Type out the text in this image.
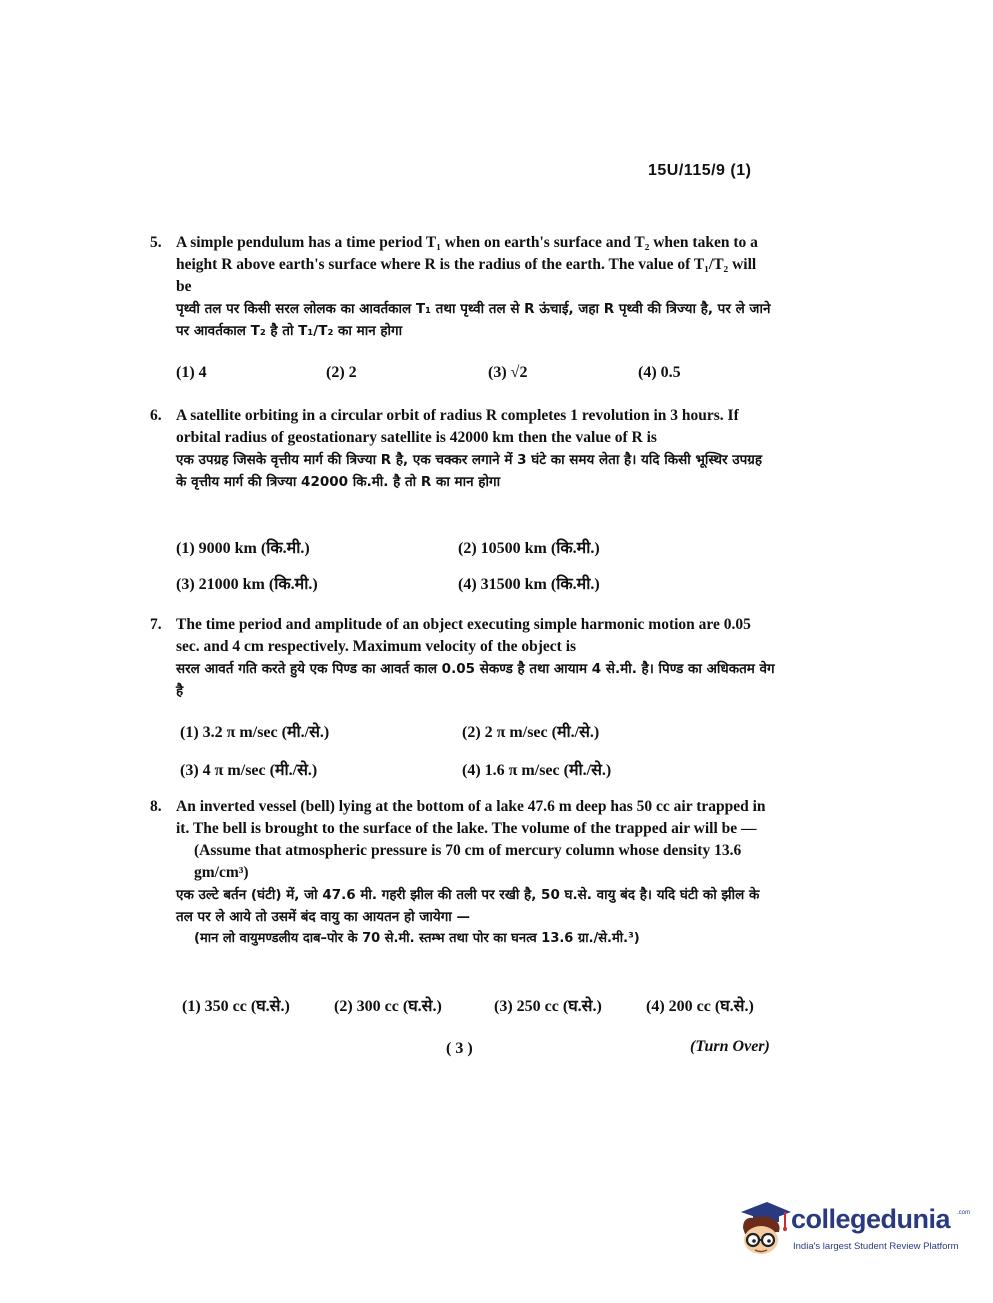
15U/115/9 (1)
5. A simple pendulum has a time period T₁ when on earth's surface and T₂ when taken to a height R above earth's surface where R is the radius of the earth. The value of T₁/T₂ will be
पृथ्वी तल पर किसी सरल लोलक का आवर्तकाल T₁ तथा पृथ्वी तल से R ऊंचाई, जहा R पृथ्वी की त्रिज्या है, पर ले जाने पर आवर्तकाल T₂ है तो T₁/T₂ का मान होगा
(1) 4	(2) 2	(3) √2	(4) 0.5
6. A satellite orbiting in a circular orbit of radius R completes 1 revolution in 3 hours. If orbital radius of geostationary satellite is 42000 km then the value of R is
एक उपग्रह जिसके वृत्तीय मार्ग की त्रिज्या R है, एक चक्कर लगाने में 3 घंटे का समय लेता है। यदि किसी भूस्थिर उपग्रह के वृत्तीय मार्ग की त्रिज्या 42000 कि.मी. है तो R का मान होगा
(1) 9000 km (कि.मी.)	(2) 10500 km (कि.मी.)
(3) 21000 km (कि.मी.)	(4) 31500 km (कि.मी.)
7. The time period and amplitude of an object executing simple harmonic motion are 0.05 sec. and 4 cm respectively. Maximum velocity of the object is
सरल आवर्त गति करते हुये एक पिण्ड का आवर्त काल 0.05 सेकण्ड है तथा आयाम 4 से.मी. है। पिण्ड का अधिकतम वेग है
(1) 3.2 π m/sec (मी./से.)	(2) 2 π m/sec (मी./से.)
(3) 4 π m/sec (मी./से.)	(4) 1.6 π m/sec (मी./से.)
8. An inverted vessel (bell) lying at the bottom of a lake 47.6 m deep has 50 cc air trapped in it. The bell is brought to the surface of the lake. The volume of the trapped air will be —
(Assume that atmospheric pressure is 70 cm of mercury column whose density 13.6 gm/cm³)
एक उल्टे बर्तन (घंटी) में, जो 47.6 मी. गहरी झील की तली पर रखी है, 50 घ.से. वायु बंद है। यदि घंटी को झील के तल पर ले आये तो उसमें बंद वायु का आयतन हो जायेगा —
(मान लो वायुमण्डलीय दाब–पोर के 70 से.मी. स्तम्भ तथा पोर का घनत्व 13.6 ग्रा./से.मी.³)
(1) 350 cc (घ.से.)	(2) 300 cc (घ.से.)	(3) 250 cc (घ.से.)	(4) 200 cc (घ.से.)
( 3 )	(Turn Over)
collegedunia .com
India's largest Student Review Platform
